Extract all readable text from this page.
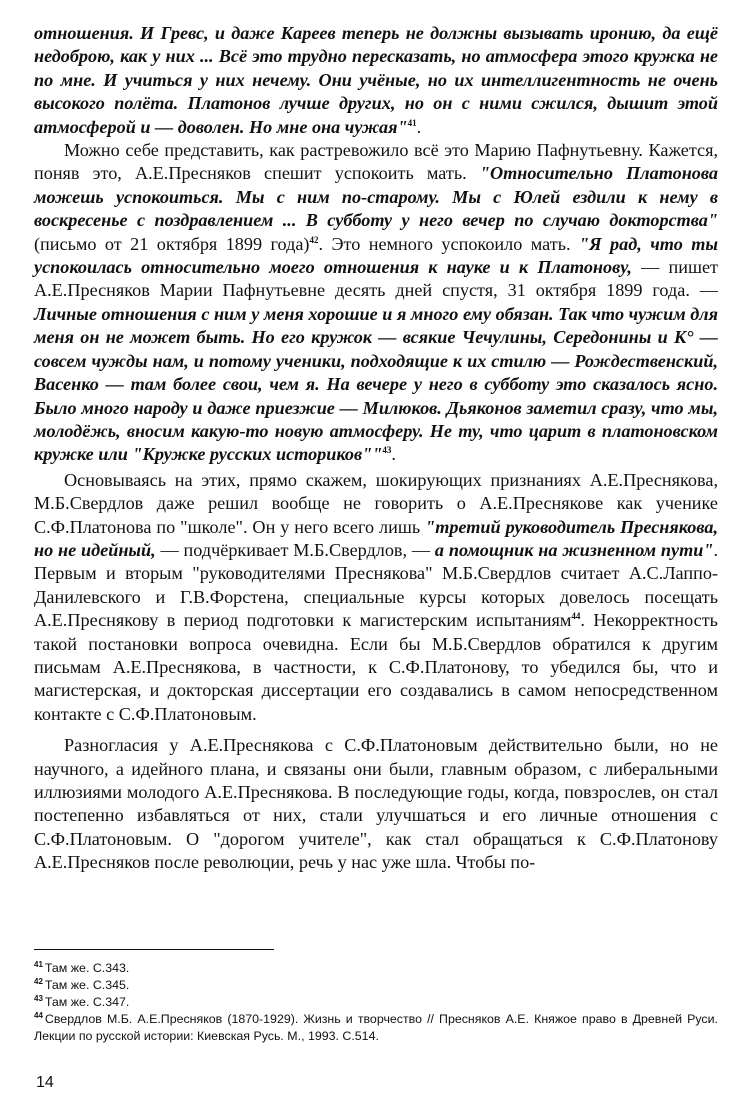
отношения. И Гревс, и даже Кареев теперь не должны вызывать иронию, да ещё недоброю, как у них ... Всё это трудно пересказать, но атмосфера этого кружка не по мне. И учиться у них нечему. Они учёные, но их интеллигентность не очень высокого полёта. Платонов лучше других, но он с ними сжился, дышит этой атмосферой и — доволен. Но мне она чужая"$^{41}$.

Можно себе представить, как растревожило всё это Марию Пафнутьевну. Кажется, поняв это, А.Е.Пресняков спешит успокоить мать. "Относительно Платонова можешь успокоиться. Мы с ним по-старому. Мы с Юлей ездили к нему в воскресенье с поздравлением ... В субботу у него вечер по случаю докторства" (письмо от 21 октября 1899 года)$^{42}$. Это немного успокоило мать. "Я рад, что ты успокоилась относительно моего отношения к науке и к Платонову, — пишет А.Е.Пресняков Марии Пафнутьевне десять дней спустя, 31 октября 1899 года. — Личные отношения с ним у меня хорошие и я много ему обязан. Так что чужим для меня он не может быть. Но его кружок — всякие Чечулины, Середонины и К° — совсем чужды нам, и потому ученики, подходящие к их стилю — Рождественский, Васенко — там более свои, чем я. На вечере у него в субботу это сказалось ясно. Было много народу и даже приезжие — Милюков. Дьяконов заметил сразу, что мы, молодёжь, вносим какую-то новую атмосферу. Не ту, что царит в платоновском кружке или "Кружке русских историков""$^{43}$.

Основываясь на этих, прямо скажем, шокирующих признаниях А.Е.Преснякова, М.Б.Свердлов даже решил вообще не говорить о А.Е.Преснякове как ученике С.Ф.Платонова по "школе". Он у него всего лишь "третий руководитель Преснякова, но не идейный, — подчёркивает М.Б.Свердлов, — а помощник на жизненном пути". Первым и вторым "руководителями Преснякова" М.Б.Свердлов считает А.С.Лаппо-Данилевского и Г.В.Форстена, специальные курсы которых довелось посещать А.Е.Преснякову в период подготовки к магистерским испытаниям$^{44}$. Некорректность такой постановки вопроса очевидна. Если бы М.Б.Свердлов обратился к другим письмам А.Е.Преснякова, в частности, к С.Ф.Платонову, то убедился бы, что и магистерская, и докторская диссертации его создавались в самом непосредственном контакте с С.Ф.Платоновым.

Разногласия у А.Е.Преснякова с С.Ф.Платоновым действительно были, но не научного, а идейного плана, и связаны они были, главным образом, с либеральными иллюзиями молодого А.Е.Преснякова. В последующие годы, когда, повзрослев, он стал постепенно избавляться от них, стали улучшаться и его личные отношения с С.Ф.Платоновым. О "дорогом учителе", как стал обращаться к С.Ф.Платонову А.Е.Пресняков после революции, речь у нас уже шла. Чтобы по-

$^{41}$ Там же. С.343.

$^{42}$ Там же. С.345.

$^{43}$ Там же. С.347.

$^{44}$ Свердлов М.Б. А.Е.Пресняков (1870-1929). Жизнь и творчество // Пресняков А.Е. Княжое право в Древней Руси. Лекции по русской истории: Киевская Русь. М., 1993. С.514.

14
